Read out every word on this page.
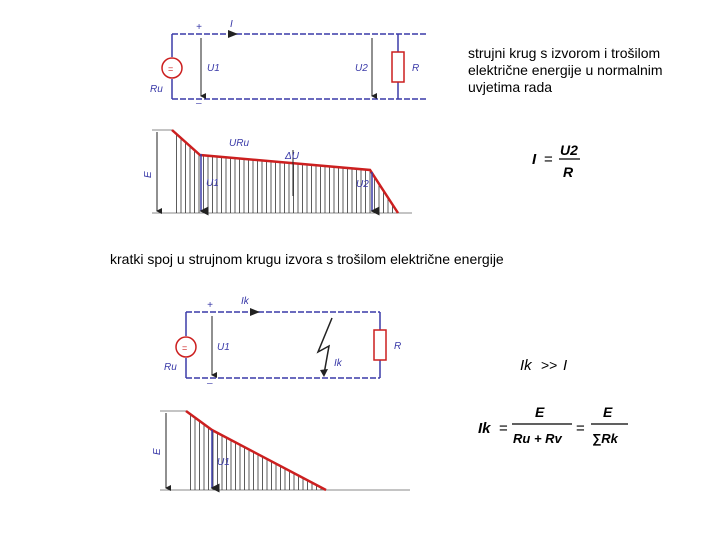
strujni krug s izvorom i trošilom električne energije u normalnim uvjetima rada
kratki spoj u strujnom krugu izvora s trošilom električne energije
=
+
–
I
U1	U2	R
Ru
E
URu
ΔU
U1	U2
=
+
–
Ik
U1	R
Ru	Ik
E
U1
I =
U2
R
Ik >> I
Ik =
E
Ru + Rv
=
E
∑Rk
